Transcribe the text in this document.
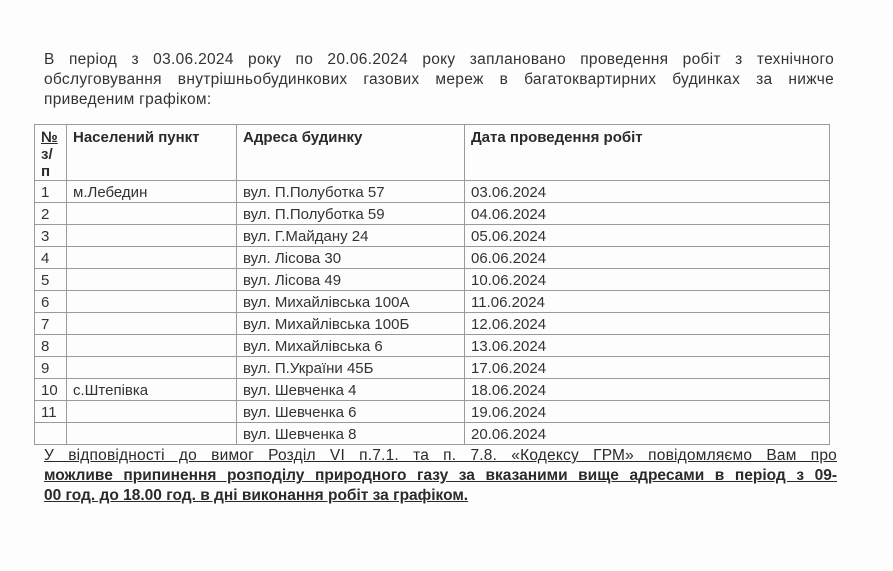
В період з 03.06.2024 року по 20.06.2024 року заплановано проведення робіт з технічного
обслуговування внутрішньобудинкових газових мереж в багатоквартирних будинках за нижче
приведеним графіком:
№
з/п	Населений пункт	Адреса будинку	Дата проведення робіт
1	м.Лебедин	вул. П.Полуботка 57	03.06.2024
2		вул. П.Полуботка 59	04.06.2024
3		вул. Г.Майдану 24	05.06.2024
4		вул. Лісова 30	06.06.2024
5		вул. Лісова 49	10.06.2024
6		вул. Михайлівська 100А	11.06.2024
7		вул. Михайлівська 100Б	12.06.2024
8		вул. Михайлівська 6	13.06.2024
9		вул. П.України 45Б	17.06.2024
10	с.Штепівка	вул. Шевченка 4	18.06.2024
11		вул. Шевченка 6	19.06.2024
		вул. Шевченка 8	20.06.2024
У відповідності до вимог Розділ VI п.7.1. та п. 7.8. «Кодексу ГРМ» повідомляємо Вам про
можливе припинення розподілу природного газу за вказаними вище адресами в період з 09-
00 год. до 18.00 год. в дні виконання робіт за графіком.
